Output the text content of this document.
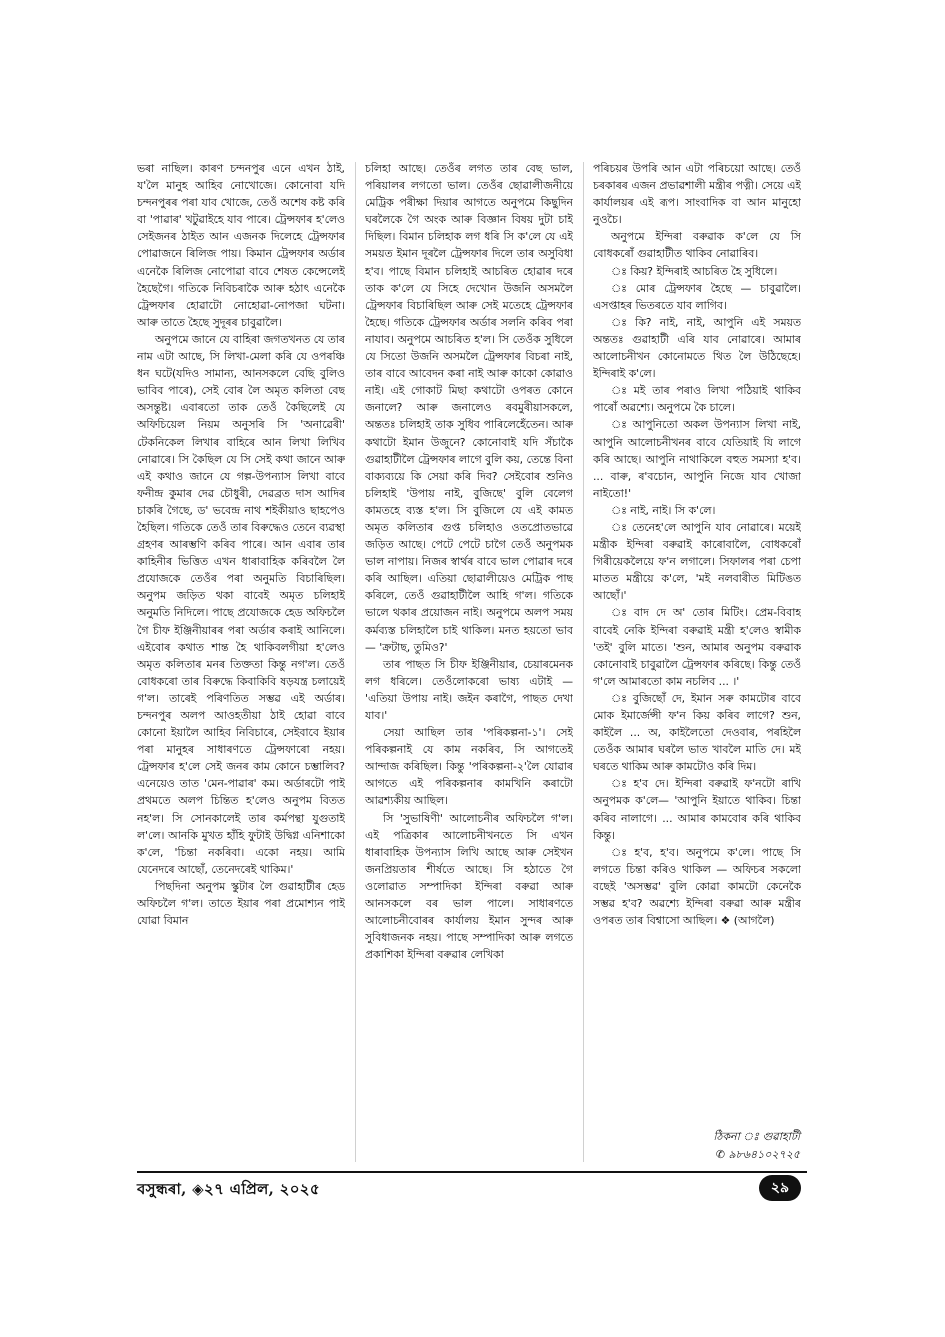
ভৰা নাছিল। কাৰণ চন্দনপুৰ এনে এখন ঠাই, য'লৈ মানুহ আহিব নোখোজে। কোনোবা যদি চন্দনপুৰৰ পৰা যাব খোজে, তেওঁ অশেষ কষ্ট কৰি বা 'পাৱাৰ' খটুৱাইহে যাব পাৰে। ট্ৰেন্সফাৰ হ'লেও সেইজনৰ ঠাইত আন এজনক দিলেহে ট্ৰেন্সফাৰ পোৱাজনে ৰিলিজ পায়। কিমান ট্ৰেন্সফাৰ অৰ্ডাৰ এনেকৈ ৰিলিজ নোপোৱা বাবে শেষত কেন্সেলেই হৈছেগৈ। গতিকে নিবিচৰাকৈ আৰু হঠাৎ এনেকৈ ট্ৰেন্সফাৰ হোৱাটো নোহোৱা-নোপজা ঘটনা। আৰু তাতে হৈছে সুদূৰৰ চাবুৱালৈ।

অনুপমে জানে যে বাহিৰা জগতখনত যে তাৰ নাম এটা আছে, সি লিখা-মেলা কৰি যে ওপৰঞ্চি ধন ঘটে(যদিও সামান্য, আনসকলে বেছি বুলিও ভাবিব পাৰে), সেই বোৰ লৈ অমৃত কলিতা বেছ অসন্তুষ্ট। এবাৰতো তাক তেওঁ কৈছিলেই যে অফিচিয়েল নিয়ম অনুসৰি সি 'অনাৱেৰী' টেকনিকেল লিখাৰ বাহিৰে আন লিখা লিখিব নোৱাৰে। সি কৈছিল যে সি সেই কথা জানে আৰু এই কথাও জানে যে গল্প-উপন্যাস লিখা বাবে ফনীন্দ্ৰ কুমাৰ দেৱ চৌধুৰী, দেৱব্ৰত দাস আদিৰ চাকৰি গৈছে, ড' ভবেন্দ্ৰ নাথ শইকীয়াও ছাহপেও হৈছিল। গতিকে তেওঁ তাৰ বিৰুদ্ধেও তেনে ব্যৱস্থা গ্ৰহণৰ আৰম্ভণি কৰিব পাৰে। আন এবাৰ তাৰ কাহিনীৰ ভিত্তিত এখন ধাৰাবাহিক কৰিবলৈ লৈ প্ৰযোজকে তেওঁৰ পৰা অনুমতি বিচাৰিছিল। অনুপম জড়িত থকা বাবেই অমৃত চলিহাই অনুমতি নিদিলে। পাছে প্ৰযোজকে হেড অফিচলৈ গৈ চীফ ইঞ্জিনীয়াৰৰ পৰা অৰ্ডাৰ কৰাই আনিলে। এইবোৰ কথাত শান্ত হৈ থাকিবলগীয়া হ'লেও অমৃত কলিতাৰ মনৰ তিক্ততা কিন্তু নগ'ল। তেওঁ বোধকৰো তাৰ বিৰুদ্ধে কিবাকিবি ষড়যন্ত্ৰ চলায়েই গ'ল। তাৰেই পৰিণতিত সম্ভৱ এই অৰ্ডাৰ। চন্দনপুৰ অলপ আওহতীয়া ঠাই হোৱা বাবে কোনো ইয়ালৈ আহিব নিবিচাৰে, সেইবাবে ইয়াৰ পৰা মানুহৰ সাধাৰণতে ট্ৰেন্সফাৰো নহয়। ট্ৰেন্সফাৰ হ'লে সেই জনৰ কাম কোনে চম্ভালিব? এনেয়েও তাত 'মেন-পাৱাৰ' কম। অৰ্ডাৰটো পাই প্ৰথমতে অলপ চিন্তিত হ'লেও অনুপম বিতত নহ'ল। সি সোনকালেই তাৰ কৰ্মপন্থা যুগুতাই ল'লে। আনকি মুখত হাঁহি ফুটাই উদ্বিগ্ন এনিশাকো ক'লে, 'চিন্তা নকৰিবা। একো নহয়। আমি যেনেদৰে আছোঁ, তেনেদৰেই থাকিম।'

পিছদিনা অনুপম স্কুটাৰ লৈ গুৱাহাটীৰ হেড অফিচলৈ গ'ল। তাতে ইয়াৰ পৰা প্ৰমোশ্যন পাই যোৱা বিমান

চলিহা আছে। তেওঁৰ লগত তাৰ বেছ ভাল, পৰিয়ালৰ লগতো ভাল। তেওঁৰ ছোৱালীজনীয়ে মেট্ৰিক পৰীক্ষা দিয়াৰ আগতে অনুপমে কিছুদিন ঘৰলৈকে গৈ অংক আৰু বিজ্ঞান বিষয় দুটা চাই দিছিল। বিমান চলিহাক লগ ধৰি সি ক'লে যে এই সময়ত ইমান দূৰলৈ ট্ৰেন্সফাৰ দিলে তাৰ অসুবিধা হ'ব। পাছে বিমান চলিহাই আচৰিত হোৱাৰ দৰে তাক ক'লে যে সিহে দেখোন উজনি অসমলৈ ট্ৰেন্সফাৰ বিচাৰিছিল আৰু সেই মতেহে ট্ৰেন্সফাৰ হৈছে। গতিকে ট্ৰেন্সফাৰ অৰ্ডাৰ সলনি কৰিব পৰা নাযাব। অনুপমে আচৰিত হ'ল। সি তেওঁক সুধিলে যে সিতো উজনি অসমলৈ ট্ৰেন্সফাৰ বিচৰা নাই, তাৰ বাবে আবেদন কৰা নাই আৰু কাকো কোৱাও নাই। এই গোকাট মিছা কথাটো ওপৰত কোনে জনালে? আৰু জনালেও ৰবমুৰীয়াসকলে, অন্ততঃ চলিহাই তাক সুধিব পাৰিলেহেঁতেন। আৰু কথাটো ইমান উজুনে? কোনোবাই যদি সঁচাকৈ গুৱাহাটীলৈ ট্ৰেন্সফাৰ লাগে বুলি কয়, তেন্তে বিনা বাক্যব্যয়ে কি সেয়া কৰি দিব? সেইবোৰ শুনিও চলিহাই 'উপায় নাই, বুজিছে' বুলি বেলেগ কামতহে ব্যস্ত হ'ল। সি বুজিলে যে এই কামত অমৃত কলিতাৰ গুপ্ত চলিহাও ওতপ্ৰোতভাৱে জড়িত আছে। পেটে পেটে চাগৈ তেওঁ অনুপমক ভাল নাপায়। নিজৰ স্বাৰ্থৰ বাবে ভাল পোৱাৰ দৰে কৰি আছিল। এতিয়া ছোৱালীয়েও মেট্ৰিক পাছ কৰিলে, তেওঁ গুৱাহাটীলৈ আহি গ'ল। গতিকে ভালে থকাৰ প্ৰয়োজন নাই। অনুপমে অলপ সময় কৰ্মব্যস্ত চলিহালৈ চাই থাকিল। মনত হয়তো ভাব — 'ক্ৰটাছ, তুমিও?'

তাৰ পাছত সি চীফ ইঞ্জিনীয়াৰ, চেয়াৰমেনক লগ ধৰিলে। তেওঁলোকৰো ভাষ্য এটাই — 'এতিয়া উপায় নাই। জইন কৰাগৈ, পাছত দেখা যাব।'

সেয়া আছিল তাৰ 'পৰিকল্পনা-১'। সেই পৰিকল্পনাই যে কাম নকৰিব, সি আগতেই আন্দাজ কৰিছিল। কিন্তু 'পৰিকল্পনা-২'লৈ যোৱাৰ আগতে এই পৰিকল্পনাৰ কামখিনি কৰাটো আৱশ্যকীয় আছিল।

সি 'সুভাষিণী' আলোচনীৰ অফিচলৈ গ'ল। এই পত্ৰিকাৰ আলোচনীখনতে সি এখন ধাৰাবাহিক উপন্যাস লিখি আছে আৰু সেইখন জনপ্ৰিয়তাৰ শীৰ্ষতে আছে। সি হঠাতে গৈ ওলোৱাত সম্পাদিকা ইন্দিৰা বৰুৱা আৰু আনসকলে বৰ ভাল পালে। সাধাৰণতে আলোচনীবোৰৰ কাৰ্যালয় ইমান সুন্দৰ আৰু সুবিধাজনক নহয়। পাছে সম্পাদিকা আৰু লগতে প্ৰকাশিকা ইন্দিৰা বৰুৱাৰ লেখিকা

পৰিচয়ৰ উপৰি আন এটা পৰিচয়ো আছে। তেওঁ চৰকাৰৰ এজন প্ৰভাৱশালী মন্ত্ৰীৰ পত্নী। সেয়ে এই কাৰ্যালয়ৰ এই ৰূপ। সাংবাদিক বা আন মানুহো নুওচৈ।

অনুপমে ইন্দিৰা বৰুৱাক ক'লে যে সি বোধকৰোঁ গুৱাহাটীত থাকিব নোৱাৰিব।

ঃ কিয়? ইন্দিৰাই আচৰিত হৈ সুধিলে।

ঃ মোৰ ট্ৰেন্সফাৰ হৈছে — চাবুৱালৈ। এসপ্তাহৰ ভিতৰতে যাব লাগিব।

ঃ কি? নাই, নাই, আপুনি এই সময়ত অন্ততঃ গুৱাহাটী এৰি যাব নোৱাৰে। আমাৰ আলোচনীখন কোনোমতে থিত লৈ উঠিছেহে। ইন্দিৰাই ক'লে।

ঃ মই তাৰ পৰাও লিখা পঠিয়াই থাকিব পাৰোঁ অৱশ্যে। অনুপমে কৈ চালে।

ঃ আপুনিতো অকল উপন্যাস লিখা নাই, আপুনি আলোচনীখনৰ বাবে যেতিয়াই যি লাগে কৰি আছে। আপুনি নাথাকিলে বহুত সমস্যা হ'ব। ... বাৰু, ৰ'বচোন, আপুনি নিজে যাব খোজা নাইতো!'

ঃ নাই, নাই। সি ক'লে।

ঃ তেনেহ'লে আপুনি যাব নোৱাৰে। ময়েই মন্ত্ৰীক ইন্দিৰা বৰুৱাই কাৰোবালৈ, বোধকৰোঁ গিৰীয়েকলৈয়ে ফ'ন লগালে। সিফালৰ পৰা চেপা মাতত মন্ত্ৰীয়ে ক'লে, 'মই নলবাৰীত মিটিঙত আছোঁ।'

ঃ বাদ দে অ' তোৰ মিটিং। প্ৰেম-বিবাহ বাবেই নেকি ইন্দিৰা বৰুৱাই মন্ত্ৰী হ'লেও স্বামীক 'তই' বুলি মাতে। 'শুন, আমাৰ অনুপম বৰুৱাক কোনোবাই চাবুৱালৈ ট্ৰেন্সফাৰ কৰিছে। কিন্তু তেওঁ গ'লে আমাৰতো কাম নচলিব ... ।'

ঃ বুজিছোঁ দে, ইমান সৰু কামটোৰ বাবে মোক ইমাৰ্জেন্সী ফ'ন কিয় কৰিব লাগে? শুন, কাইলৈ ... অ, কাইলৈতো দেওবাৰ, পৰহিলৈ তেওঁক আমাৰ ঘৰলৈ ভাত খাবলৈ মাতি দে। মই ঘৰতে থাকিম আৰু কামটোও কৰি দিম।

ঃ হ'ব দে। ইন্দিৰা বৰুৱাই ফ'নটো ৰাখি অনুপমক ক'লে— 'আপুনি ইয়াতে থাকিব। চিন্তা কৰিব নালাগে। ... আমাৰ কামবোৰ কৰি থাকিব কিন্তু।

ঃ হ'ব, হ'ব। অনুপমে ক'লে। পাছে সি লগতে চিন্তা কৰিও থাকিল — অফিচৰ সকলো বছেই 'অসম্ভৱ' বুলি কোৱা কামটো কেনেকৈ সম্ভৱ হ'ব? অৱশ্যে ইন্দিৰা বৰুৱা আৰু মন্ত্ৰীৰ ওপৰত তাৰ বিশ্বাসো আছিল। ❖ (আগলৈ)

ঠিকনা ঃ গুৱাহাটী
✆ ৯৮৬৪১০২৭২৫
বসুন্ধৰা, ◈২৭ এপ্ৰিল, ২০২৫	২৯
